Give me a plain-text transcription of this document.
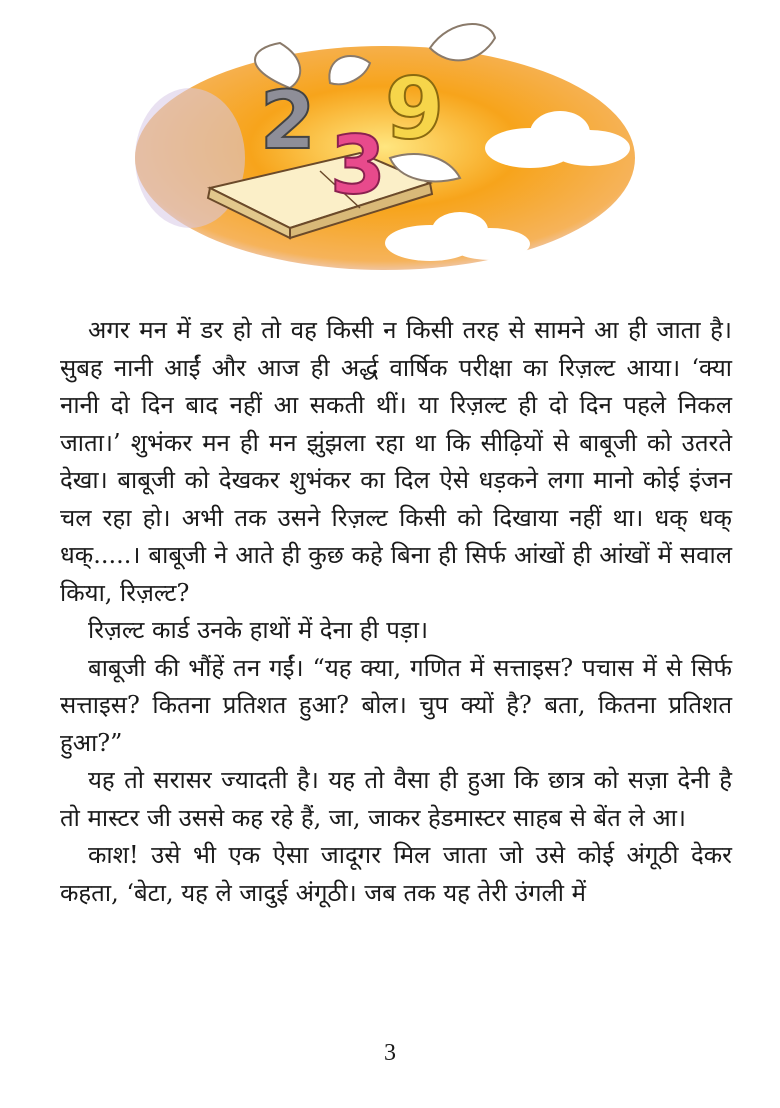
2 3
9

अगर मन में डर हो तो वह किसी न किसी तरह से सामने आ ही जाता है। सुबह नानी आईं और आज ही अर्द्ध वार्षिक परीक्षा का रिज़ल्ट आया। ‘क्या नानी दो दिन बाद नहीं आ सकती थीं। या रिज़ल्ट ही दो दिन पहले निकल जाता।’ शुभंकर मन ही मन झुंझला रहा था कि सीढ़ियों से बाबूजी को उतरते देखा। बाबूजी को देखकर शुभंकर का दिल ऐसे धड़कने लगा मानो कोई इंजन चल रहा हो। अभी तक उसने रिज़ल्ट किसी को दिखाया नहीं था। धक् धक् धक्.....। बाबूजी ने आते ही कुछ कहे बिना ही सिर्फ आंखों ही आंखों में सवाल किया, रिज़ल्ट?

रिज़ल्ट कार्ड उनके हाथों में देना ही पड़ा।

बाबूजी की भौंहें तन गईं। “यह क्या, गणित में सत्ताइस? पचास में से सिर्फ सत्ताइस? कितना प्रतिशत हुआ? बोल। चुप क्यों है? बता, कितना प्रतिशत हुआ?”

यह तो सरासर ज्यादती है। यह तो वैसा ही हुआ कि छात्र को सज़ा देनी है तो मास्टर जी उससे कह रहे हैं, जा, जाकर हेडमास्टर साहब से बेंत ले आ।

काश! उसे भी एक ऐसा जादूगर मिल जाता जो उसे कोई अंगूठी देकर कहता, ‘बेटा, यह ले जादुई अंगूठी। जब तक यह तेरी उंगली में

3
